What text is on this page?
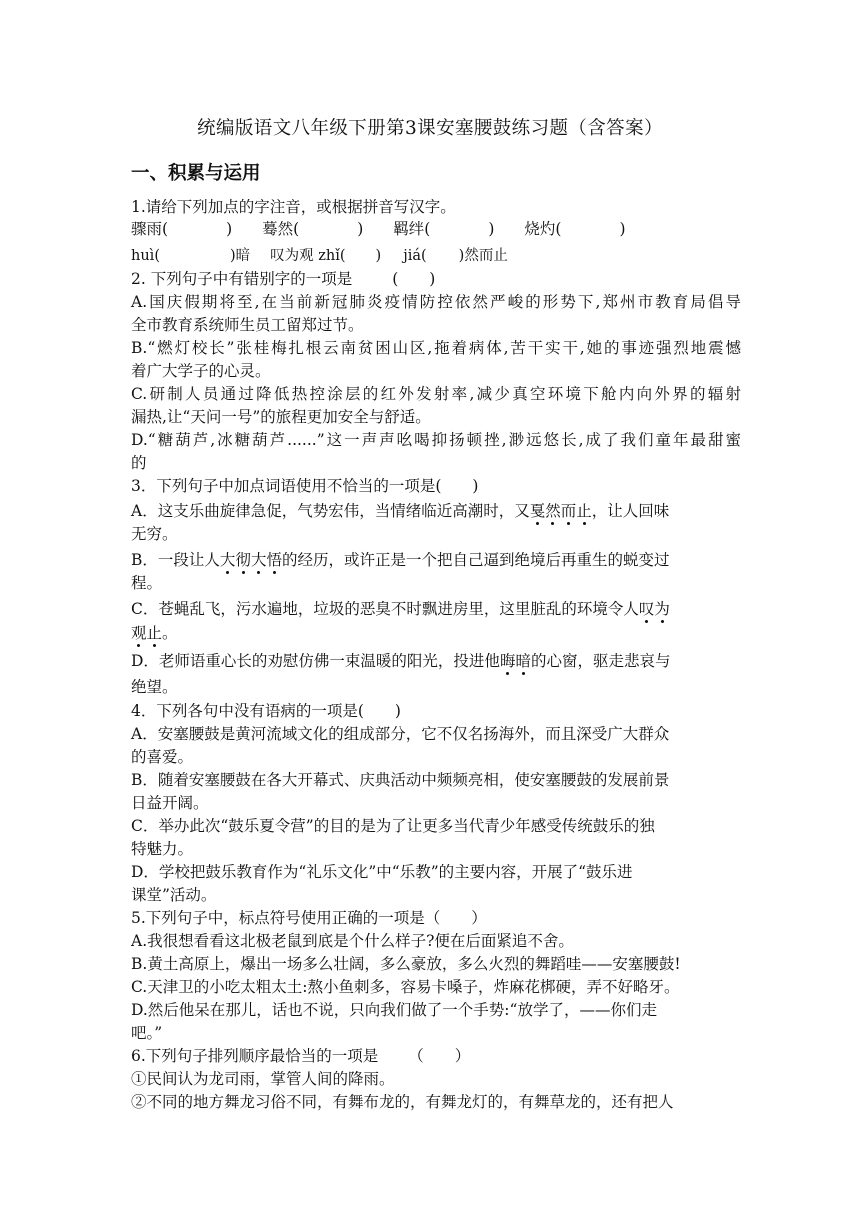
统编版语文八年级下册第3课安塞腰鼓练习题（含答案）
一、积累与运用
1.请给下列加点的字注音，或根据拼音写汉字。
骤雨(	) 蓦然(	) 羁绊(	) 烧灼(	)
huì(	)暗 叹为观 zhǐ( ) jiá( )然而止
2. 下列句子中有错别字的一项是	(　　)
A.国庆假期将至,在当前新冠肺炎疫情防控依然严峻的形势下,郑州市教育局倡导
全市教育系统师生员工留郑过节。
B.“燃灯校长”张桂梅扎根云南贫困山区,拖着病体,苦干实干,她的事迹强烈地震憾
着广大学子的心灵。
C.研制人员通过降低热控涂层的红外发射率,减少真空环境下舱内向外界的辐射
漏热,让“天问一号”的旅程更加安全与舒适。
D.“糖葫芦,冰糖葫芦......”这一声声吆喝抑扬顿挫,渺远悠长,成了我们童年最甜蜜
的
3．下列句子中加点词语使用不恰当的一项是(　　)
A．这支乐曲旋律急促，气势宏伟，当情绪临近高潮时，又戛然而止，让人回味
无穷。
B．一段让人大彻大悟的经历，或许正是一个把自己逼到绝境后再重生的蜕变过
程。
C．苍蝇乱飞，污水遍地，垃圾的恶臭不时飘进房里，这里脏乱的环境令人叹为
观止。
D．老师语重心长的劝慰仿佛一束温暖的阳光，投进他晦暗的心窗，驱走悲哀与
绝望。
4．下列各句中没有语病的一项是(　　)
A．安塞腰鼓是黄河流域文化的组成部分，它不仅名扬海外，而且深受广大群众
的喜爱。
B．随着安塞腰鼓在各大开幕式、庆典活动中频频亮相，使安塞腰鼓的发展前景
日益开阔。
C．举办此次“鼓乐夏令营”的目的是为了让更多当代青少年感受传统鼓乐的独
特魅力。
D．学校把鼓乐教育作为“礼乐文化”中“乐教”的主要内容，开展了“鼓乐进
课堂”活动。
5.下列句子中，标点符号使用正确的一项是（　　）
A.我很想看看这北极老鼠到底是个什么样子?便在后面紧追不舍。
B.黄土高原上，爆出一场多么壮阔，多么豪放，多么火烈的舞蹈哇——安塞腰鼓!
C.天津卫的小吃太粗太土:熬小鱼刺多，容易卡嗓子，炸麻花梆硬，弄不好略牙。
D.然后他呆在那儿，话也不说，只向我们做了一个手势:“放学了，——你们走
吧。”
6.下列句子排列顺序最恰当的一项是 （　　）
①民间认为龙司雨，掌管人间的降雨。
②不同的地方舞龙习俗不同，有舞布龙的，有舞龙灯的，有舞草龙的，还有把人
